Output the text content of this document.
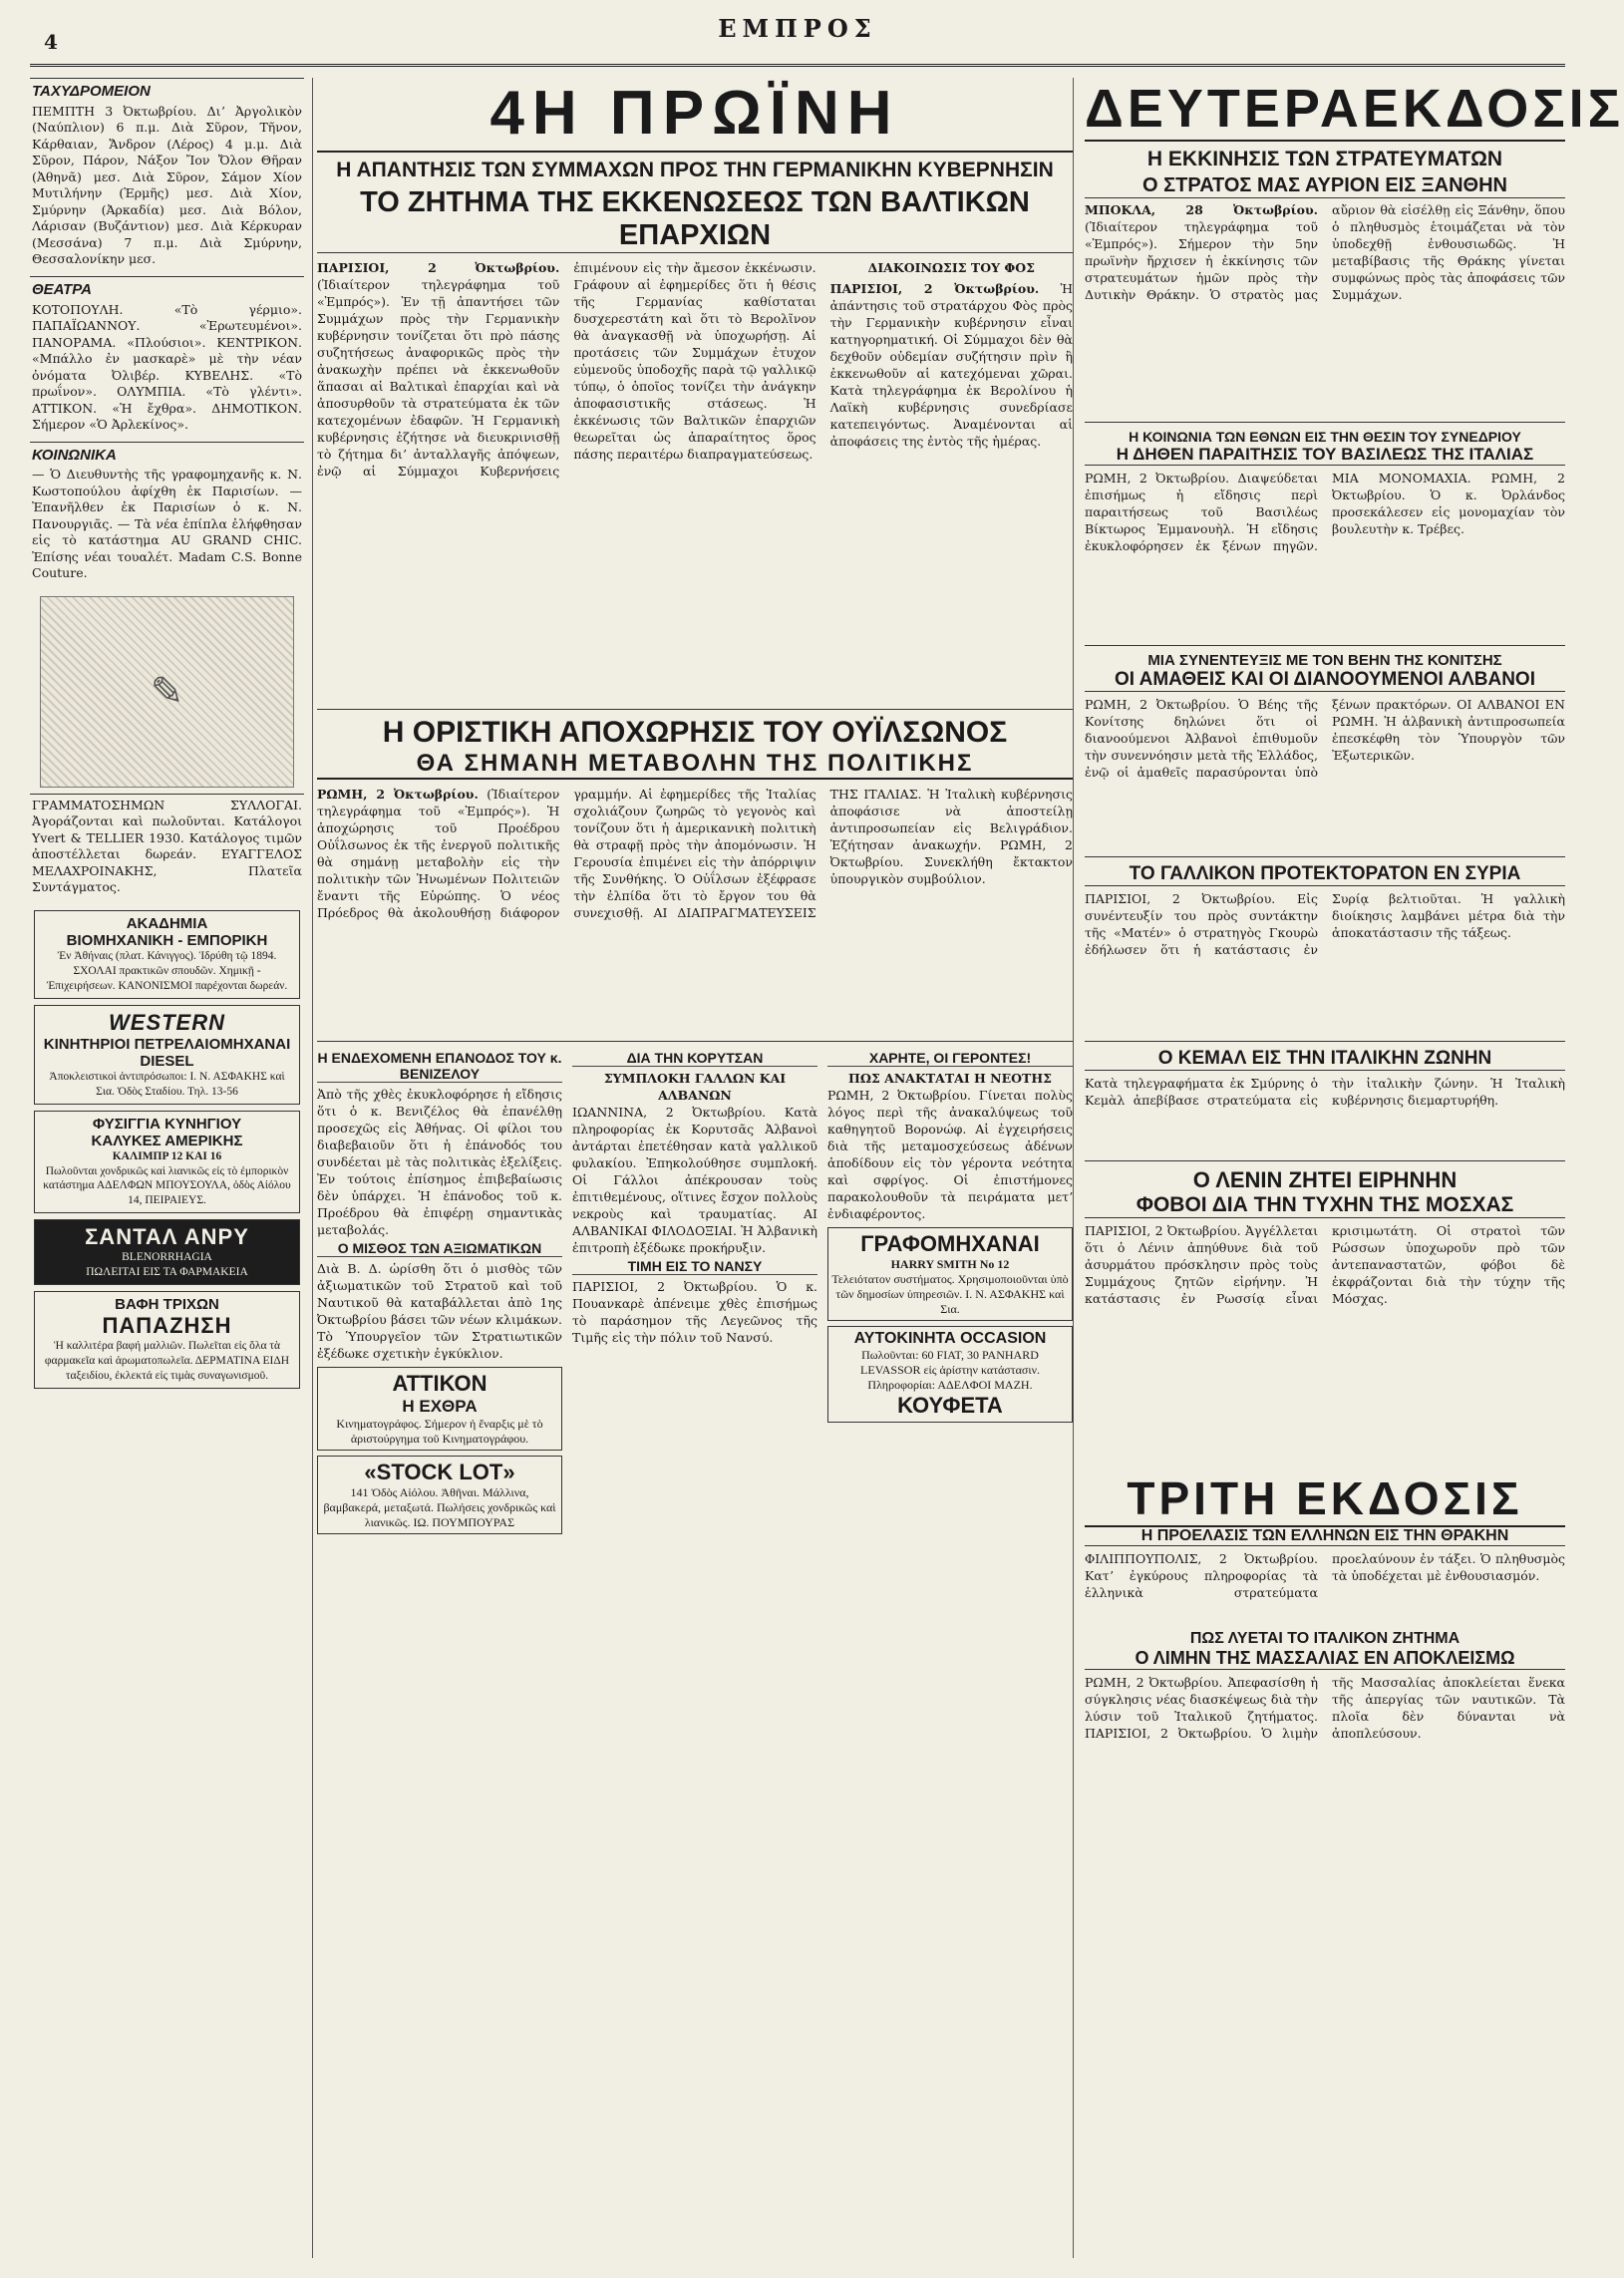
4	ΕΜΠΡΟΣ
ΤΑΧΥΔΡΟΜΕΙΟΝ

ΠΕΜΠΤΗ 3 Ὀκτωβρίου. Διʼ Ἀργολικὸν (Ναύπλιον) 6 π.μ. Διὰ Σῦρον, Τῆνον, Κάρθαιαν, Ἄνδρον (Λέρος) 4 μ.μ. Διὰ Σῦρον, Πάρον, Νάξον Ἴον Ὄλον Θῆραν (Ἀθηνᾶ) μεσ. Διὰ Σῦρον, Σάμον Χίον Μυτιλήνην (Ἑρμῆς) μεσ. Διὰ Χίον, Σμύρνην (Ἀρκαδία) μεσ. Διὰ Βόλον, Λάρισαν (Βυζάντιον) μεσ. Διὰ Κέρκυραν (Μεσσάνα) 7 π.μ. Διὰ Σμύρνην, Θεσσαλονίκην μεσ.

ΘΕΑΤΡΑ

ΚΟΤΟΠΟΥΛΗ. «Τὸ γέρμιο». ΠΑΠΑΪΩΑΝΝΟΥ. «Ἐρωτευμένοι». ΠΑΝΟΡΑΜΑ. «Πλούσιοι». ΚΕΝΤΡΙΚΟΝ. «Μπάλλο ἐν μασκαρὲ» μὲ τὴν νέαν ὀνόματα Ὀλιβέρ. ΚΥΒΕΛΗΣ. «Τὸ πρωΐνον». ΟΛΥΜΠΙΑ. «Τὸ γλέντι». ΑΤΤΙΚΟΝ. «Ἡ ἔχθρα». ΔΗΜΟΤΙΚΟΝ. Σήμερον «Ὁ Ἀρλεκίνος».

ΚΟΙΝΩΝΙΚΑ

— Ὁ Διευθυντὴς τῆς γραφομηχανῆς κ. Ν. Κωστοπούλου ἀφίχθη ἐκ Παρισίων. — Ἐπανῆλθεν ἐκ Παρισίων ὁ κ. Ν. Πανουργιᾶς. — Τὰ νέα ἐπίπλα ἐλήφθησαν εἰς τὸ κατάστημα AU GRAND CHIC. Ἐπίσης νέαι τουαλέτ. Madam C.S. Bonne Couture.

✎

ΓΡΑΜΜΑΤΟΣΗΜΩΝ ΣΥΛΛΟΓΑΙ. Ἀγοράζονται καὶ πωλοῦνται. Κατάλογοι Yvert & TELLIER 1930. Κατάλογος τιμῶν ἀποστέλλεται δωρεάν. ΕΥΑΓΓΕΛΟΣ ΜΕΛΑΧΡΟΙΝΑΚΗΣ, Πλατεῖα Συντάγματος.

ΑΚΑΔΗΜΙΑ
ΒΙΟΜΗΧΑΝΙΚΗ - ΕΜΠΟΡΙΚΗ
Ἐν Ἀθήναις (πλατ. Κάνιγγος). Ἱδρύθη τῷ 1894. ΣΧΟΛΑΙ πρακτικῶν σπουδῶν. Χημικῇ - Ἐπιχειρήσεων. ΚΑΝΟΝΙΣΜΟΙ παρέχονται δωρεάν.
WESTERN
ΚΙΝΗΤΗΡΙΟΙ ΠΕΤΡΕΛΑΙΟΜΗΧΑΝΑΙ
DIESEL
Ἀποκλειστικοὶ ἀντιπρόσωποι: Ι. Ν. ΑΣΦΑΚΗΣ καὶ Σια. Ὁδὸς Σταδίου. Τηλ. 13-56
ΦΥΣΙΓΓΙΑ ΚΥΝΗΓΙΟΥ
ΚΑΛΥΚΕΣ ΑΜΕΡΙΚΗΣ
ΚΑΛΙΜΠΡ 12 ΚΑΙ 16
Πωλοῦνται χονδρικῶς καὶ λιανικῶς εἰς τὸ ἐμπορικὸν κατάστημα ΑΔΕΛΦΩΝ ΜΠΟΥΣΟΥΛΑ, ὁδὸς Αἰόλου 14, ΠΕΙΡΑΙΕΥΣ.
ΣΑΝΤΑΛ ΑΝΡΥ
BLENORRHAGIA
ΠΩΛΕΙΤΑΙ ΕΙΣ ΤΑ ΦΑΡΜΑΚΕΙΑ
ΒΑΦΗ ΤΡΙΧΩΝ
ΠΑΠΑΖΗΣΗ
Ἡ καλλιτέρα βαφή μαλλιῶν. Πωλεῖται εἰς ὅλα τὰ φαρμακεῖα καὶ ἀρωματοπωλεῖα. ΔΕΡΜΑΤΙΝΑ ΕΙΔΗ ταξειδίου, ἐκλεκτά εἰς τιμὰς συναγωνισμοῦ.
4Η ΠΡΩΪΝΗ
Η ΑΠΑΝΤΗΣΙΣ ΤΩΝ ΣΥΜΜΑΧΩΝ ΠΡΟΣ ΤΗΝ ΓΕΡΜΑΝΙΚΗΝ ΚΥΒΕΡΝΗΣΙΝ
ΤΟ ΖΗΤΗΜΑ ΤΗΣ ΕΚΚΕΝΩΣΕΩΣ ΤΩΝ ΒΑΛΤΙΚΩΝ ΕΠΑΡΧΙΩΝ

ΠΑΡΙΣΙΟΙ, 2 Ὀκτωβρίου. (Ἰδιαίτερον τηλεγράφημα τοῦ «Ἐμπρός»). Ἐν τῇ ἀπαντήσει τῶν Συμμάχων πρὸς τὴν Γερμανικὴν κυβέρνησιν τονίζεται ὅτι πρὸ πάσης συζητήσεως ἀναφορικῶς πρὸς τὴν ἀνακωχὴν πρέπει νὰ ἐκκενωθοῦν ἅπασαι αἱ Βαλτικαὶ ἐπαρχίαι καὶ νὰ ἀποσυρθοῦν τὰ στρατεύματα ἐκ τῶν κατεχομένων ἐδαφῶν. Ἡ Γερμανικὴ κυβέρνησις ἐζήτησε νὰ διευκρινισθῇ τὸ ζήτημα διʼ ἀνταλλαγῆς ἀπόψεων, ἐνῷ αἱ Σύμμαχοι Κυβερνήσεις ἐπιμένουν εἰς τὴν ἄμεσον ἐκκένωσιν. Γράφουν αἱ ἐφημερίδες ὅτι ἡ θέσις τῆς Γερμανίας καθίσταται δυσχερεστάτη καὶ ὅτι τὸ Βερολῖνον θὰ ἀναγκασθῇ νὰ ὑποχωρήσῃ. Αἱ προτάσεις τῶν Συμμάχων ἐτυχον εὐμενοῦς ὑποδοχῆς παρὰ τῷ γαλλικῷ τύπῳ, ὁ ὁποῖος τονίζει τὴν ἀνάγκην ἀποφασιστικῆς στάσεως. Ἡ ἐκκένωσις τῶν Βαλτικῶν ἐπαρχιῶν θεωρεῖται ὡς ἀπαραίτητος ὅρος πάσης περαιτέρω διαπραγματεύσεως.

ΔΙΑΚΟΙΝΩΣΙΣ ΤΟΥ ΦΟΣ

ΠΑΡΙΣΙΟΙ, 2 Ὀκτωβρίου. Ἡ ἀπάντησις τοῦ στρατάρχου Φὸς πρὸς τὴν Γερμανικὴν κυβέρνησιν εἶναι κατηγορηματική. Οἱ Σύμμαχοι δὲν θὰ δεχθοῦν οὐδεμίαν συζήτησιν πρὶν ἢ ἐκκενωθοῦν αἱ κατεχόμεναι χῶραι. Κατὰ τηλεγράφημα ἐκ Βερολίνου ἡ Λαϊκὴ κυβέρνησις συνεδρίασε κατεπειγόντως. Ἀναμένονται αἱ ἀποφάσεις της ἐντὸς τῆς ἡμέρας.

Η ΟΡΙΣΤΙΚΗ ΑΠΟΧΩΡΗΣΙΣ ΤΟΥ ΟΥΪΛΣΩΝΟΣ
ΘΑ ΣΗΜΑΝΗ ΜΕΤΑΒΟΛΗΝ ΤΗΣ ΠΟΛΙΤΙΚΗΣ

ΡΩΜΗ, 2 Ὀκτωβρίου. (Ἰδιαίτερον τηλεγράφημα τοῦ «Ἐμπρός»). Ἡ ἀποχώρησις τοῦ Προέδρου Οὐΐλσωνος ἐκ τῆς ἐνεργοῦ πολιτικῆς θὰ σημάνῃ μεταβολὴν εἰς τὴν πολιτικὴν τῶν Ἡνωμένων Πολιτειῶν ἔναντι τῆς Εὐρώπης. Ὁ νέος Πρόεδρος θὰ ἀκολουθήσῃ διάφορον γραμμήν. Αἱ ἐφημερίδες τῆς Ἰταλίας σχολιάζουν ζωηρῶς τὸ γεγονὸς καὶ τονίζουν ὅτι ἡ ἀμερικανικὴ πολιτικὴ θὰ στραφῇ πρὸς τὴν ἀπομόνωσιν. Ἡ Γερουσία ἐπιμένει εἰς τὴν ἀπόρριψιν τῆς Συνθήκης. Ὁ Οὐΐλσων ἐξέφρασε τὴν ἐλπίδα ὅτι τὸ ἔργον του θὰ συνεχισθῇ. ΑΙ ΔΙΑΠΡΑΓΜΑΤΕΥΣΕΙΣ ΤΗΣ ΙΤΑΛΙΑΣ. Ἡ Ἰταλικὴ κυβέρνησις ἀποφάσισε νὰ ἀποστείλῃ ἀντιπροσωπείαν εἰς Βελιγράδιον. Ἐζήτησαν ἀνακωχήν. ΡΩΜΗ, 2 Ὀκτωβρίου. Συνεκλήθη ἔκτακτον ὑπουργικὸν συμβούλιον.

Η ΕΝΔΕΧΟΜΕΝΗ ΕΠΑΝΟΔΟΣ ΤΟΥ κ. ΒΕΝΙΖΕΛΟΥ
Ἀπὸ τῆς χθὲς ἐκυκλοφόρησε ἡ εἴδησις ὅτι ὁ κ. Βενιζέλος θὰ ἐπανέλθῃ προσεχῶς εἰς Ἀθήνας. Οἱ φίλοι του διαβεβαιοῦν ὅτι ἡ ἐπάνοδός του συνδέεται μὲ τὰς πολιτικὰς ἐξελίξεις. Ἐν τούτοις ἐπίσημος ἐπιβεβαίωσις δὲν ὑπάρχει. Ἡ ἐπάνοδος τοῦ κ. Προέδρου θὰ ἐπιφέρῃ σημαντικὰς μεταβολάς.
Ο ΜΙΣΘΟΣ ΤΩΝ ΑΞΙΩΜΑΤΙΚΩΝ
Διὰ Β. Δ. ὡρίσθη ὅτι ὁ μισθὸς τῶν ἀξιωματικῶν τοῦ Στρατοῦ καὶ τοῦ Ναυτικοῦ θὰ καταβάλλεται ἀπὸ 1ης Ὀκτωβρίου βάσει τῶν νέων κλιμάκων. Τὸ Ὑπουργεῖον τῶν Στρατιωτικῶν ἐξέδωκε σχετικὴν ἐγκύκλιον.
ΑΤΤΙΚΟΝ
Η ΕΧΘΡΑ
Κινηματογράφος. Σήμερον ἡ ἔναρξις μὲ τὸ ἀριστούργημα τοῦ Κινηματογράφου.
«STOCK LOT»
141 Ὁδὸς Αἰόλου. Ἀθῆναι. Μάλλινα, βαμβακερά, μεταξωτά. Πωλήσεις χονδρικῶς καὶ λιανικῶς. ΙΩ. ΠΟΥΜΠΟΥΡΑΣ
ΔΙΑ ΤΗΝ ΚΟΡΥΤΣΑΝ
ΣΥΜΠΛΟΚΗ ΓΑΛΛΩΝ ΚΑΙ ΑΛΒΑΝΩΝ
ΙΩΑΝΝΙΝΑ, 2 Ὀκτωβρίου. Κατὰ πληροφορίας ἐκ Κορυτσᾶς Ἀλβανοὶ ἀντάρται ἐπετέθησαν κατὰ γαλλικοῦ φυλακίου. Ἐπηκολούθησε συμπλοκή. Οἱ Γάλλοι ἀπέκρουσαν τοὺς ἐπιτιθεμένους, οἵτινες ἔσχον πολλοὺς νεκροὺς καὶ τραυματίας. ΑΙ ΑΛΒΑΝΙΚΑΙ ΦΙΛΟΔΟΞΙΑΙ. Ἡ Ἀλβανικὴ ἐπιτροπὴ ἐξέδωκε προκήρυξιν.
ΤΙΜΗ ΕΙΣ ΤΟ ΝΑΝΣΥ
ΠΑΡΙΣΙΟΙ, 2 Ὀκτωβρίου. Ὁ κ. Πουανκαρὲ ἀπένειμε χθὲς ἐπισήμως τὸ παράσημον τῆς Λεγεῶνος τῆς Τιμῆς εἰς τὴν πόλιν τοῦ Νανσύ.
ΧΑΡΗΤΕ, ΟΙ ΓΕΡΟΝΤΕΣ!
ΠΩΣ ΑΝΑΚΤΑΤΑΙ Η ΝΕΟΤΗΣ
ΡΩΜΗ, 2 Ὀκτωβρίου. Γίνεται πολὺς λόγος περὶ τῆς ἀνακαλύψεως τοῦ καθηγητοῦ Βορονώφ. Αἱ ἐγχειρήσεις διὰ τῆς μεταμοσχεύσεως ἀδένων ἀποδίδουν εἰς τὸν γέροντα νεότητα καὶ σφρίγος. Οἱ ἐπιστήμονες παρακολουθοῦν τὰ πειράματα μετʼ ἐνδιαφέροντος.
ΓΡΑΦΟΜΗΧΑΝΑΙ
HARRY SMITH No 12
Τελειότατον συστήματος. Χρησιμοποιοῦνται ὑπὸ τῶν δημοσίων ὑπηρεσιῶν. Ι. Ν. ΑΣΦΑΚΗΣ καὶ Σια.
ΑΥΤΟΚΙΝΗΤΑ OCCASION
Πωλοῦνται: 60 FIAT, 30 PANHARD LEVASSOR εἰς ἀρίστην κατάστασιν. Πληροφορίαι: ΑΔΕΛΦΟΙ ΜΑΖΗ.
ΚΟΥΦΕΤΑ
ΔΕΥΤΕΡΑΕΚΔΟΣΙΣ
Η ΕΚΚΙΝΗΣΙΣ ΤΩΝ ΣΤΡΑΤΕΥΜΑΤΩΝ
Ο ΣΤΡΑΤΟΣ ΜΑΣ ΑΥΡΙΟΝ ΕΙΣ ΞΑΝΘΗΝ

ΜΠΟΚΛΑ, 28 Ὀκτωβρίου. (Ἰδιαίτερον τηλεγράφημα τοῦ «Ἐμπρός»). Σήμερον τὴν 5ην πρωϊνὴν ἤρχισεν ἡ ἐκκίνησις τῶν στρατευμάτων ἡμῶν πρὸς τὴν Δυτικὴν Θράκην. Ὁ στρατὸς μας αὔριον θὰ εἰσέλθῃ εἰς Ξάνθην, ὅπου ὁ πληθυσμὸς ἑτοιμάζεται νὰ τὸν ὑποδεχθῇ ἐνθουσιωδῶς. Ἡ μεταβίβασις τῆς Θράκης γίνεται συμφώνως πρὸς τὰς ἀποφάσεις τῶν Συμμάχων.

Η ΚΟΙΝΩΝΙΑ ΤΩΝ ΕΘΝΩΝ ΕΙΣ ΤΗΝ ΘΕΣΙΝ ΤΟΥ ΣΥΝΕΔΡΙΟΥ
Η ΔΗΘΕΝ ΠΑΡΑΙΤΗΣΙΣ ΤΟΥ ΒΑΣΙΛΕΩΣ ΤΗΣ ΙΤΑΛΙΑΣ
ΡΩΜΗ, 2 Ὀκτωβρίου. Διαψεύδεται ἐπισήμως ἡ εἴδησις περὶ παραιτήσεως τοῦ Βασιλέως Βίκτωρος Ἐμμανουὴλ. Ἡ εἴδησις ἐκυκλοφόρησεν ἐκ ξένων πηγῶν. ΜΙΑ ΜΟΝΟΜΑΧΙΑ. ΡΩΜΗ, 2 Ὀκτωβρίου. Ὁ κ. Ὀρλάνδος προσεκάλεσεν εἰς μονομαχίαν τὸν βουλευτὴν κ. Τρέβες.
ΜΙΑ ΣΥΝΕΝΤΕΥΞΙΣ ΜΕ ΤΟΝ ΒΕΗΝ ΤΗΣ ΚΟΝΙΤΣΗΣ
ΟΙ ΑΜΑΘΕΙΣ ΚΑΙ ΟΙ ΔΙΑΝΟΟΥΜΕΝΟΙ ΑΛΒΑΝΟΙ
ΡΩΜΗ, 2 Ὀκτωβρίου. Ὁ Βέης τῆς Κονίτσης δηλώνει ὅτι οἱ διανοούμενοι Ἀλβανοὶ ἐπιθυμοῦν τὴν συνεννόησιν μετὰ τῆς Ἑλλάδος, ἐνῷ οἱ ἀμαθεῖς παρασύρονται ὑπὸ ξένων πρακτόρων. ΟΙ ΑΛΒΑΝΟΙ ΕΝ ΡΩΜΗ. Ἡ ἀλβανικὴ ἀντιπροσωπεία ἐπεσκέφθη τὸν Ὑπουργὸν τῶν Ἐξωτερικῶν.
ΤΟ ΓΑΛΛΙΚΟΝ ΠΡΟΤΕΚΤΟΡΑΤΟΝ ΕΝ ΣΥΡΙΑ
ΠΑΡΙΣΙΟΙ, 2 Ὀκτωβρίου. Εἰς συνέντευξίν του πρὸς συντάκτην τῆς «Ματέν» ὁ στρατηγὸς Γκουρὼ ἐδήλωσεν ὅτι ἡ κατάστασις ἐν Συρίᾳ βελτιοῦται. Ἡ γαλλικὴ διοίκησις λαμβάνει μέτρα διὰ τὴν ἀποκατάστασιν τῆς τάξεως.
Ο ΚΕΜΑΛ ΕΙΣ ΤΗΝ ΙΤΑΛΙΚΗΝ ΖΩΝΗΝ
Κατὰ τηλεγραφήματα ἐκ Σμύρνης ὁ Κεμὰλ ἀπεβίβασε στρατεύματα εἰς τὴν ἰταλικὴν ζώνην. Ἡ Ἰταλικὴ κυβέρνησις διεμαρτυρήθη.
Ο ΛΕΝΙΝ ΖΗΤΕΙ ΕΙΡΗΝΗΝ
ΦΟΒΟΙ ΔΙΑ ΤΗΝ ΤΥΧΗΝ ΤΗΣ ΜΟΣΧΑΣ
ΠΑΡΙΣΙΟΙ, 2 Ὀκτωβρίου. Ἀγγέλλεται ὅτι ὁ Λένιν ἀπηύθυνε διὰ τοῦ ἀσυρμάτου πρόσκλησιν πρὸς τοὺς Συμμάχους ζητῶν εἰρήνην. Ἡ κατάστασις ἐν Ρωσσίᾳ εἶναι κρισιμωτάτη. Οἱ στρατοὶ τῶν Ρώσσων ὑποχωροῦν πρὸ τῶν ἀντεπαναστατῶν, φόβοι δὲ ἐκφράζονται διὰ τὴν τύχην τῆς Μόσχας.
ΤΡΙΤΗ ΕΚΔΟΣΙΣ
Η ΠΡΟΕΛΑΣΙΣ ΤΩΝ ΕΛΛΗΝΩΝ ΕΙΣ ΤΗΝ ΘΡΑΚΗΝ
ΦΙΛΙΠΠΟΥΠΟΛΙΣ, 2 Ὀκτωβρίου. Κατʼ ἐγκύρους πληροφορίας τὰ ἑλληνικὰ στρατεύματα προελαύνουν ἐν τάξει. Ὁ πληθυσμὸς τὰ ὑποδέχεται μὲ ἐνθουσιασμόν.
ΠΩΣ ΛΥΕΤΑΙ ΤΟ ΙΤΑΛΙΚΟΝ ΖΗΤΗΜΑ
Ο ΛΙΜΗΝ ΤΗΣ ΜΑΣΣΑΛΙΑΣ ΕΝ ΑΠΟΚΛΕΙΣΜΩ
ΡΩΜΗ, 2 Ὀκτωβρίου. Ἀπεφασίσθη ἡ σύγκλησις νέας διασκέψεως διὰ τὴν λύσιν τοῦ Ἰταλικοῦ ζητήματος. ΠΑΡΙΣΙΟΙ, 2 Ὀκτωβρίου. Ὁ λιμὴν τῆς Μασσαλίας ἀποκλείεται ἕνεκα τῆς ἀπεργίας τῶν ναυτικῶν. Τὰ πλοῖα δὲν δύνανται νὰ ἀποπλεύσουν.
